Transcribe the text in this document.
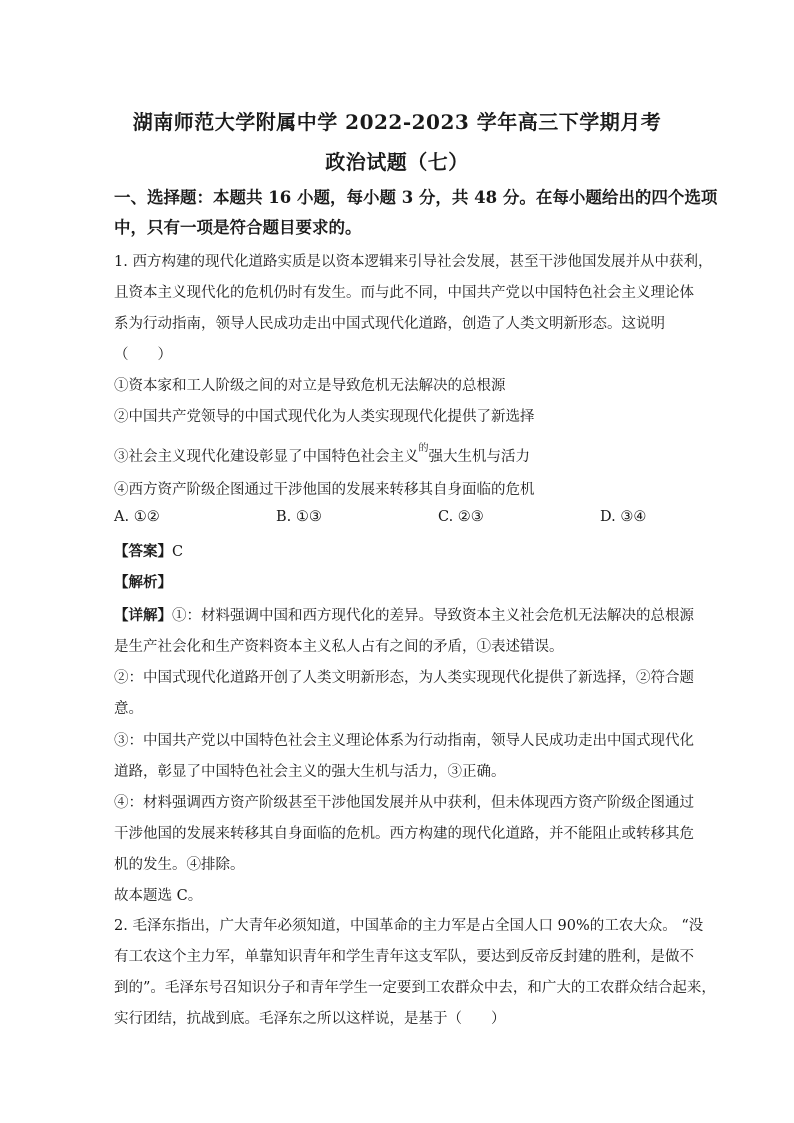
湖南师范大学附属中学 2022-2023 学年高三下学期月考
政治试题（七）
一、选择题：本题共 16 小题，每小题 3 分，共 48 分。在每小题给出的四个选项
中，只有一项是符合题目要求的。
1. 西方构建的现代化道路实质是以资本逻辑来引导社会发展，甚至干涉他国发展并从中获利，
且资本主义现代化的危机仍时有发生。而与此不同，中国共产党以中国特色社会主义理论体
系为行动指南，领导人民成功走出中国式现代化道路，创造了人类文明新形态。这说明
（　　）
①资本家和工人阶级之间的对立是导致危机无法解决的总根源
②中国共产党领导的中国式现代化为人类实现现代化提供了新选择
③社会主义现代化建设彰显了中国特色社会主义$^的$强大生机与活力
④西方资产阶级企图通过干涉他国的发展来转移其自身面临的危机
A. ①②	B. ①③	C. ②③	D. ③④
【答案】C
【解析】
【详解】①：材料强调中国和西方现代化的差异。导致资本主义社会危机无法解决的总根源
是生产社会化和生产资料资本主义私人占有之间的矛盾，①表述错误。
②：中国式现代化道路开创了人类文明新形态，为人类实现现代化提供了新选择，②符合题
意。
③：中国共产党以中国特色社会主义理论体系为行动指南，领导人民成功走出中国式现代化
道路，彰显了中国特色社会主义的强大生机与活力，③正确。
④：材料强调西方资产阶级甚至干涉他国发展并从中获利，但未体现西方资产阶级企图通过
干涉他国的发展来转移其自身面临的危机。西方构建的现代化道路，并不能阻止或转移其危
机的发生。④排除。
故本题选 C。
2. 毛泽东指出，广大青年必须知道，中国革命的主力军是占全国人口 90%的工农大众。 “没
有工农这个主力军，单靠知识青年和学生青年这支军队，要达到反帝反封建的胜利，是做不
到的”。毛泽东号召知识分子和青年学生一定要到工农群众中去，和广大的工农群众结合起来，
实行团结，抗战到底。毛泽东之所以这样说，是基于（　　）
